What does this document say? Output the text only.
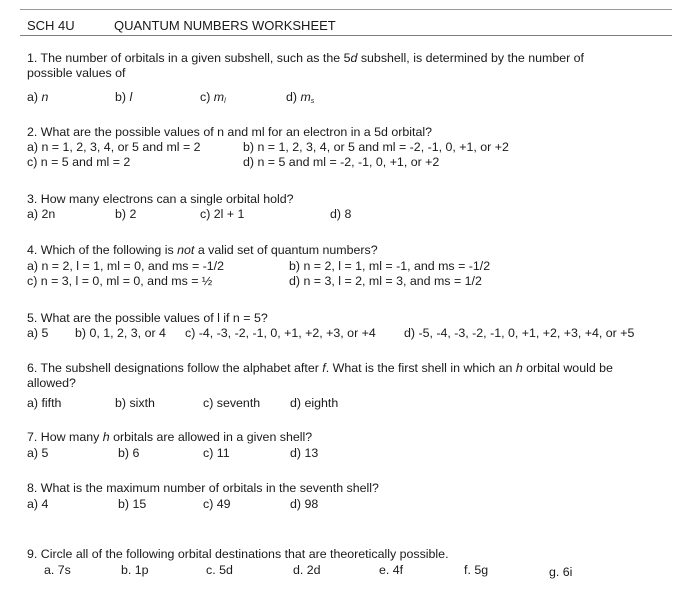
SCH 4U	QUANTUM NUMBERS WORKSHEET
1. The number of orbitals in a given subshell, such as the 5d subshell, is determined by the number of
possible values of
a) n	b) l	c) ml	d) ms
2. What are the possible values of n and ml for an electron in a 5d orbital?
a) n = 1, 2, 3, 4, or 5 and ml = 2	b) n = 1, 2, 3, 4, or 5 and ml = -2, -1, 0, +1, or +2
c) n = 5 and ml = 2	d) n = 5 and ml = -2, -1, 0, +1, or +2
3. How many electrons can a single orbital hold?
a) 2n	b) 2	c) 2l + 1	d) 8
4. Which of the following is not a valid set of quantum numbers?
a) n = 2, l = 1, ml = 0, and ms = -1/2	b) n = 2, l = 1, ml = -1, and ms = -1/2
c) n = 3, l = 0, ml = 0, and ms = ½	d) n = 3, l = 2, ml = 3, and ms = 1/2
5. What are the possible values of l if n = 5?
a) 5 b) 0, 1, 2, 3, or 4 c) -4, -3, -2, -1, 0, +1, +2, +3, or +4 d) -5, -4, -3, -2, -1, 0, +1, +2, +3, +4, or +5
6. The subshell designations follow the alphabet after f. What is the first shell in which an h orbital would be
allowed?
a) fifth	b) sixth	c) seventh d) eighth
7. How many h orbitals are allowed in a given shell?
a) 5	b) 6	c) 11	d) 13
8. What is the maximum number of orbitals in the seventh shell?
a) 4	b) 15	c) 49	d) 98
9. Circle all of the following orbital destinations that are theoretically possible.
a. 7s	b. 1p	c. 5d	d. 2d	e. 4f	f. 5g	g. 6i
